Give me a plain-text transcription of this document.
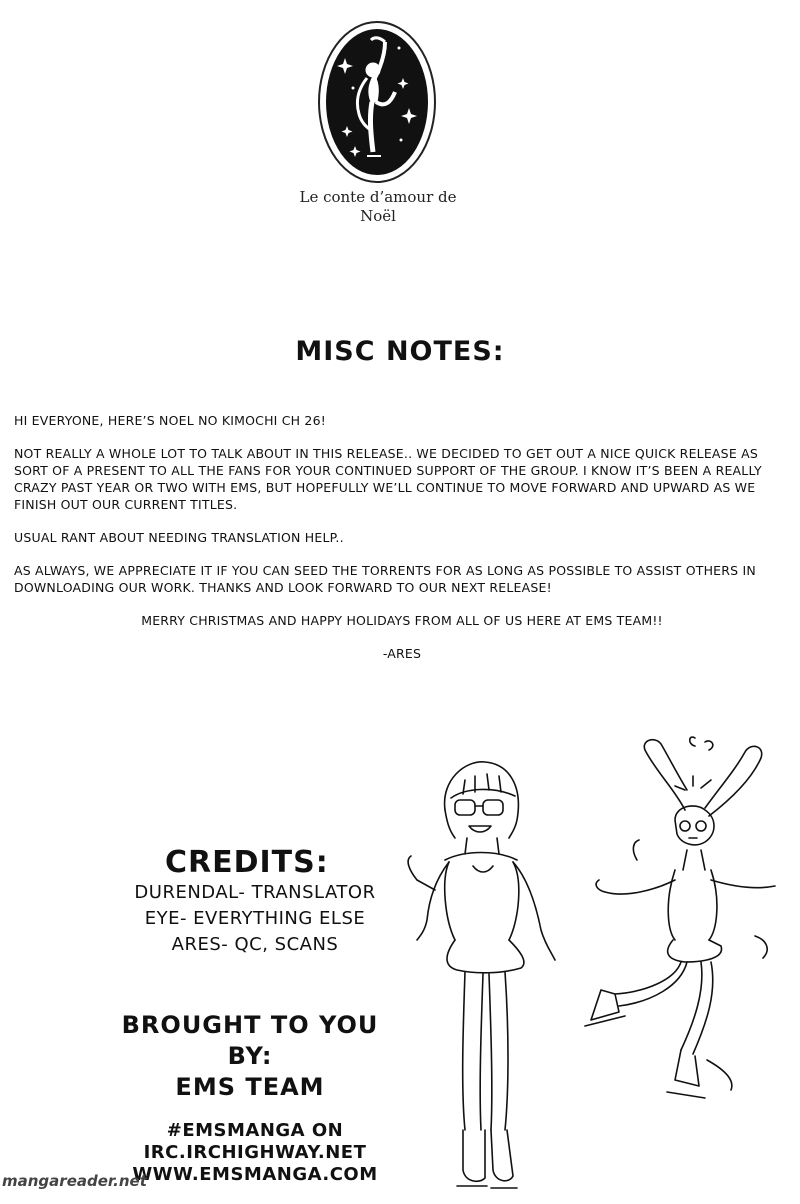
Le conte d’amour de
Noël
MISC NOTES:

HI EVERYONE, HERE’S NOEL NO KIMOCHI CH 26!

NOT REALLY A WHOLE LOT TO TALK ABOUT IN THIS RELEASE.. WE DECIDED TO GET OUT A NICE QUICK RELEASE AS SORT OF A PRESENT TO ALL THE FANS FOR YOUR CONTINUED SUPPORT OF THE GROUP. I KNOW IT’S BEEN A REALLY CRAZY PAST YEAR OR TWO WITH EMS, BUT HOPEFULLY WE’LL CONTINUE TO MOVE FORWARD AND UPWARD AS WE FINISH OUT OUR CURRENT TITLES.

USUAL RANT ABOUT NEEDING TRANSLATION HELP..

AS ALWAYS, WE APPRECIATE IT IF YOU CAN SEED THE TORRENTS FOR AS LONG AS POSSIBLE TO ASSIST OTHERS IN DOWNLOADING OUR WORK. THANKS AND LOOK FORWARD TO OUR NEXT RELEASE!

MERRY CHRISTMAS AND HAPPY HOLIDAYS FROM ALL OF US HERE AT EMS TEAM!!

-ARES

CREDITS:
DURENDAL- TRANSLATOR
EYE- EVERYTHING ELSE
ARES- QC, SCANS
BROUGHT TO YOU
BY:
EMS TEAM
#EMSMANGA ON
IRC.IRCHIGHWAY.NET
WWW.EMSMANGA.COM
mangareader.net
